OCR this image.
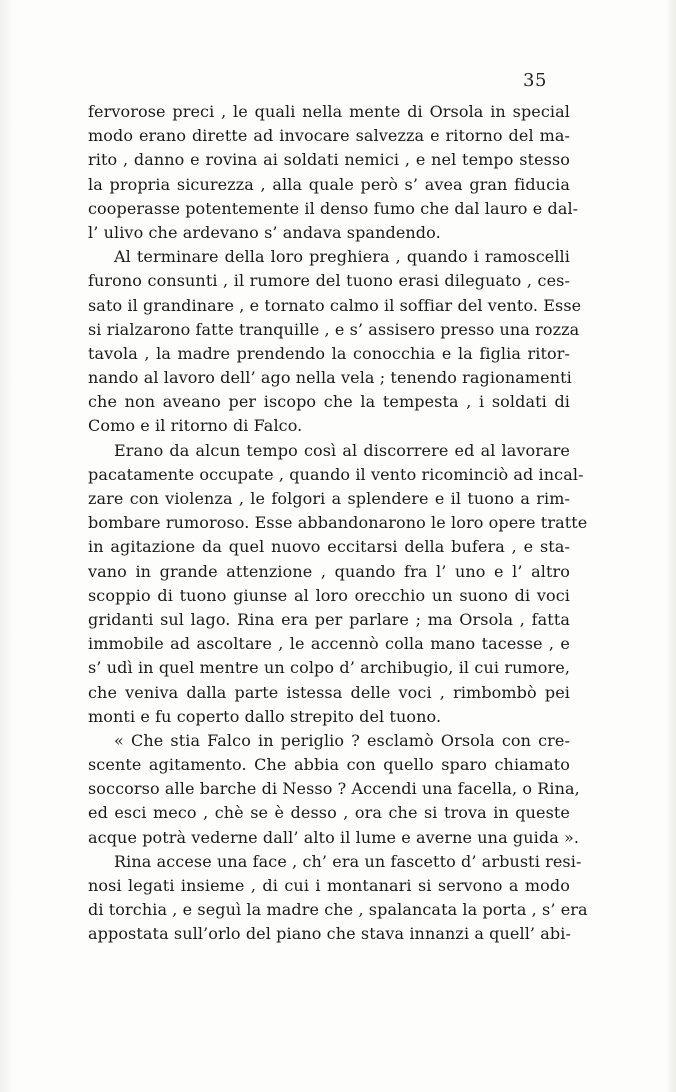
35
fervorose preci , le quali nella mente di Orsola in special
modo erano dirette ad invocare salvezza e ritorno del ma-
rito , danno e rovina ai soldati nemici , e nel tempo stesso
la propria sicurezza , alla quale però s’ avea gran fiducia
cooperasse potentemente il denso fumo che dal lauro e dal-
l’ ulivo che ardevano s’ andava spandendo.
Al terminare della loro preghiera , quando i ramoscelli
furono consunti , il rumore del tuono erasi dileguato , ces-
sato il grandinare , e tornato calmo il soffiar del vento. Esse
si rialzarono fatte tranquille , e s’ assisero presso una rozza
tavola , la madre prendendo la conocchia e la figlia ritor-
nando al lavoro dell’ ago nella vela ; tenendo ragionamenti
che non aveano per iscopo che la tempesta , i soldati di
Como e il ritorno di Falco.
Erano da alcun tempo così al discorrere ed al lavorare
pacatamente occupate , quando il vento ricominciò ad incal-
zare con violenza , le folgori a splendere e il tuono a rim-
bombare rumoroso. Esse abbandonarono le loro opere tratte
in agitazione da quel nuovo eccitarsi della bufera , e sta-
vano in grande attenzione , quando fra l’ uno e l’ altro
scoppio di tuono giunse al loro orecchio un suono di voci
gridanti sul lago. Rina era per parlare ; ma Orsola , fatta
immobile ad ascoltare , le accennò colla mano tacesse , e
s’ udì in quel mentre un colpo d’ archibugio, il cui rumore,
che veniva dalla parte istessa delle voci , rimbombò pei
monti e fu coperto dallo strepito del tuono.
« Che stia Falco in periglio ? esclamò Orsola con cre-
scente agitamento. Che abbia con quello sparo chiamato
soccorso alle barche di Nesso ? Accendi una facella, o Rina,
ed esci meco , chè se è desso , ora che si trova in queste
acque potrà vederne dall’ alto il lume e averne una guida ».
Rina accese una face , ch’ era un fascetto d’ arbusti resi-
nosi legati insieme , di cui i montanari si servono a modo
di torchia , e seguì la madre che , spalancata la porta , s’ era
appostata sull’orlo del piano che stava innanzi a quell’ abi-
